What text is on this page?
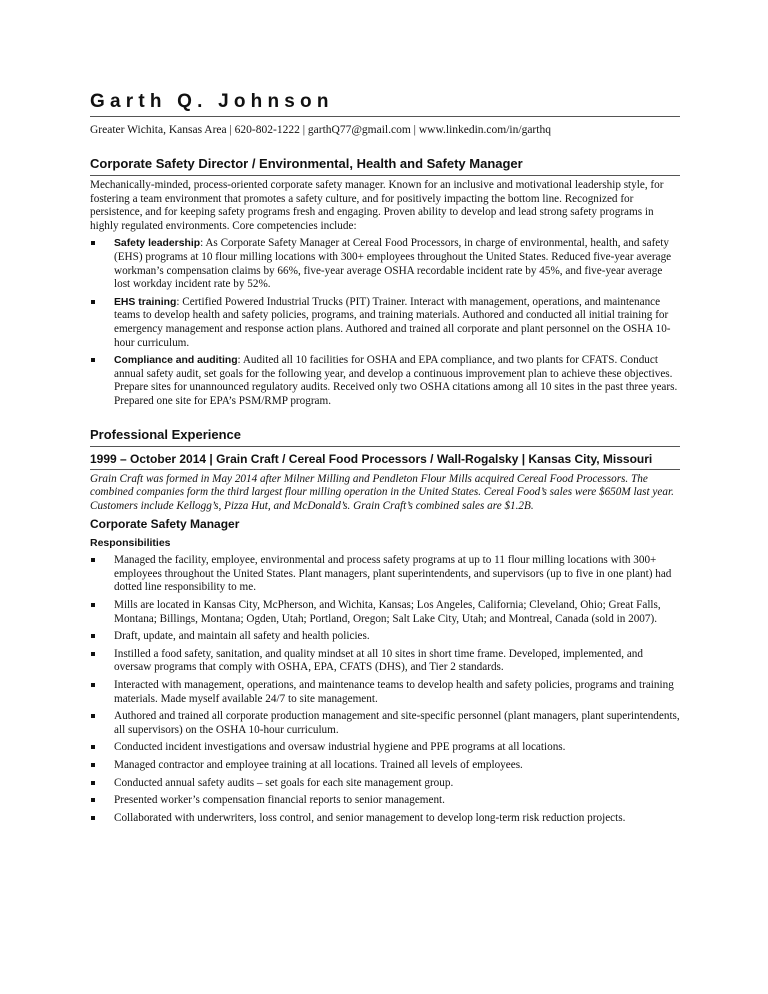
Garth Q. Johnson
Greater Wichita, Kansas Area | 620-802-1222 | garthQ77@gmail.com | www.linkedin.com/in/garthq
Corporate Safety Director / Environmental, Health and Safety Manager
Mechanically-minded, process-oriented corporate safety manager. Known for an inclusive and motivational leadership style, for fostering a team environment that promotes a safety culture, and for positively impacting the bottom line. Recognized for persistence, and for keeping safety programs fresh and engaging. Proven ability to develop and lead strong safety programs in highly regulated environments. Core competencies include:
Safety leadership: As Corporate Safety Manager at Cereal Food Processors, in charge of environmental, health, and safety (EHS) programs at 10 flour milling locations with 300+ employees throughout the United States. Reduced five-year average workman’s compensation claims by 66%, five-year average OSHA recordable incident rate by 45%, and five-year average lost workday incident rate by 52%.
EHS training: Certified Powered Industrial Trucks (PIT) Trainer. Interact with management, operations, and maintenance teams to develop health and safety policies, programs, and training materials. Authored and conducted all initial training for emergency management and response action plans. Authored and trained all corporate and plant personnel on the OSHA 10-hour curriculum.
Compliance and auditing: Audited all 10 facilities for OSHA and EPA compliance, and two plants for CFATS. Conduct annual safety audit, set goals for the following year, and develop a continuous improvement plan to achieve these objectives. Prepare sites for unannounced regulatory audits. Received only two OSHA citations among all 10 sites in the past three years. Prepared one site for EPA’s PSM/RMP program.
Professional Experience
1999 – October 2014 | Grain Craft / Cereal Food Processors / Wall-Rogalsky | Kansas City, Missouri
Grain Craft was formed in May 2014 after Milner Milling and Pendleton Flour Mills acquired Cereal Food Processors. The combined companies form the third largest flour milling operation in the United States. Cereal Food’s sales were $650M last year. Customers include Kellogg’s, Pizza Hut, and McDonald’s. Grain Craft’s combined sales are $1.2B.
Corporate Safety Manager
Responsibilities
Managed the facility, employee, environmental and process safety programs at up to 11 flour milling locations with 300+ employees throughout the United States. Plant managers, plant superintendents, and supervisors (up to five in one plant) had dotted line responsibility to me.
Mills are located in Kansas City, McPherson, and Wichita, Kansas; Los Angeles, California; Cleveland, Ohio; Great Falls, Montana; Billings, Montana; Ogden, Utah; Portland, Oregon; Salt Lake City, Utah; and Montreal, Canada (sold in 2007).
Draft, update, and maintain all safety and health policies.
Instilled a food safety, sanitation, and quality mindset at all 10 sites in short time frame. Developed, implemented, and oversaw programs that comply with OSHA, EPA, CFATS (DHS), and Tier 2 standards.
Interacted with management, operations, and maintenance teams to develop health and safety policies, programs and training materials. Made myself available 24/7 to site management.
Authored and trained all corporate production management and site-specific personnel (plant managers, plant superintendents, all supervisors) on the OSHA 10-hour curriculum.
Conducted incident investigations and oversaw industrial hygiene and PPE programs at all locations.
Managed contractor and employee training at all locations. Trained all levels of employees.
Conducted annual safety audits – set goals for each site management group.
Presented worker’s compensation financial reports to senior management.
Collaborated with underwriters, loss control, and senior management to develop long-term risk reduction projects.
